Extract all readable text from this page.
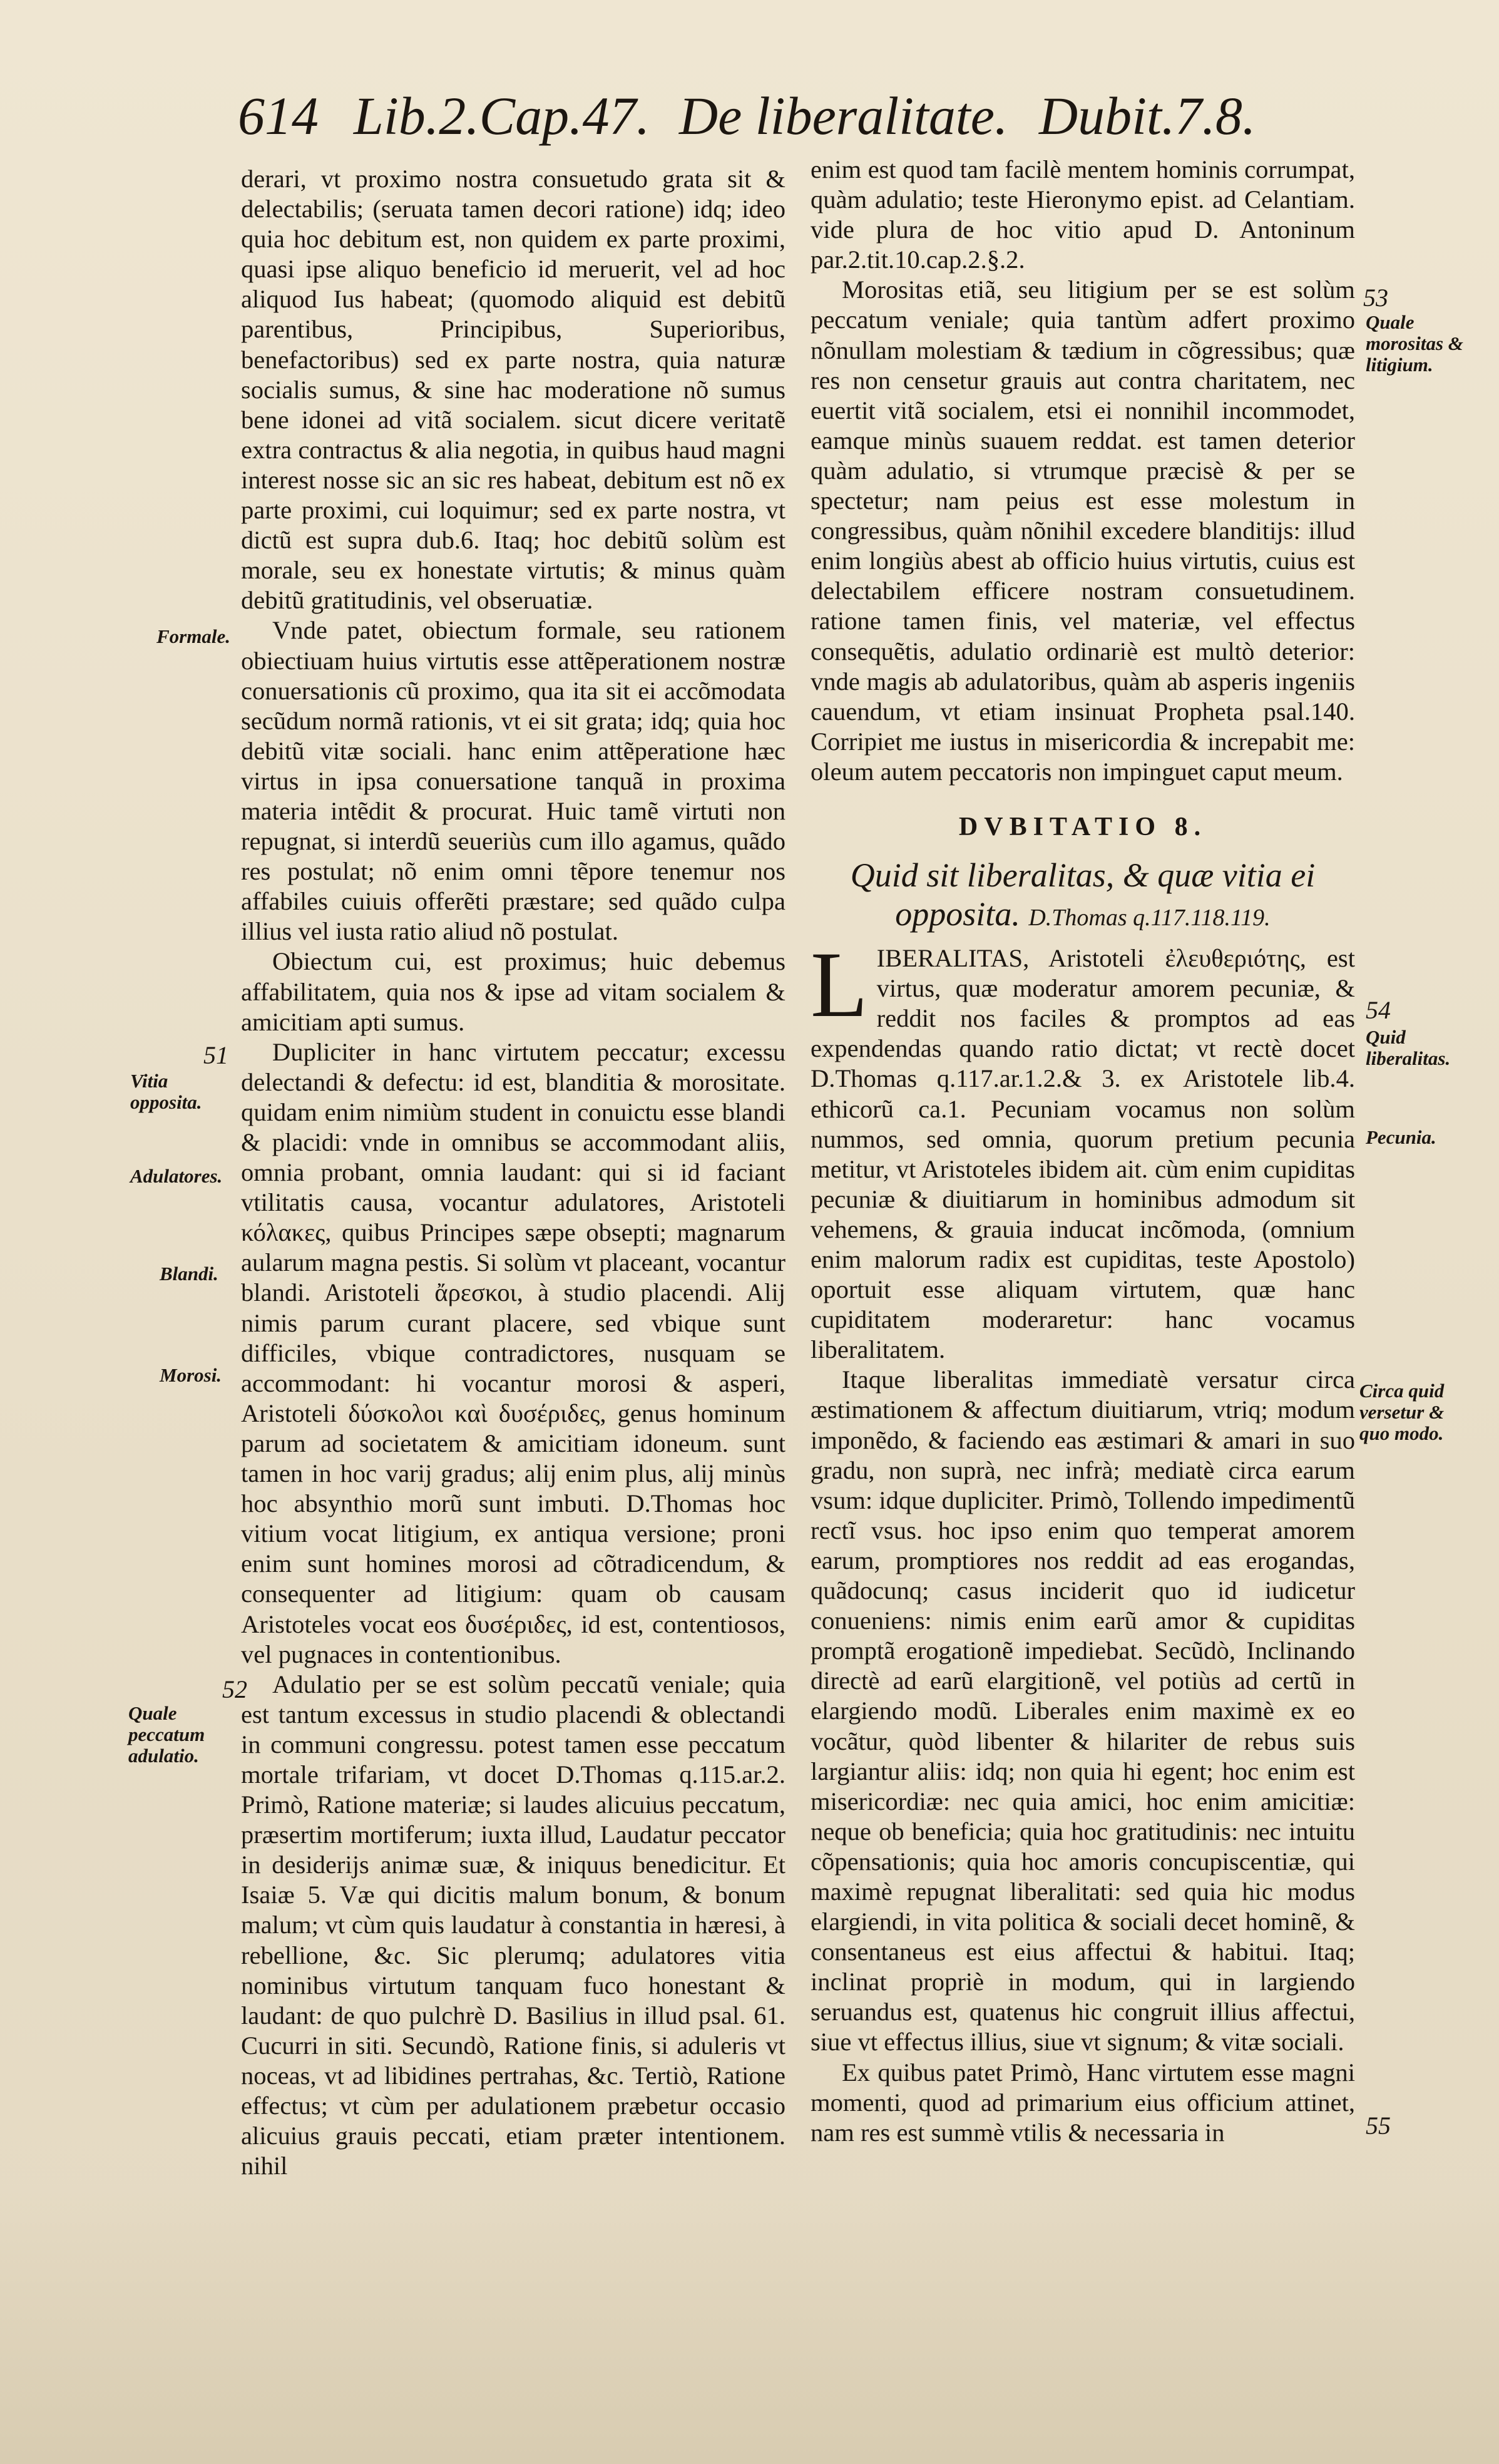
614 Lib.2.Cap.47. De liberalitate. Dubit.7.8.
Formale.
51
Vitia opposita.
Adulatores.
Blandi.
Morosi.
52
Quale peccatum adulatio.

derari, vt proximo nostra consuetudo grata sit & delectabilis; (seruata tamen decori ratione) idq; ideo quia hoc debitum est, non quidem ex parte proximi, quasi ipse aliquo beneficio id meruerit, vel ad hoc aliquod Ius habeat; (quomodo aliquid est debitũ parentibus, Principibus, Superioribus, benefactoribus) sed ex parte nostra, quia naturæ socialis sumus, & sine hac moderatione nõ sumus bene idonei ad vitã socialem. sicut dicere veritatẽ extra contractus & alia negotia, in quibus haud magni interest nosse sic an sic res habeat, debitum est nõ ex parte proximi, cui loquimur; sed ex parte nostra, vt dictũ est supra dub.6. Itaq; hoc debitũ solùm est morale, seu ex honestate virtutis; & minus quàm debitũ gratitudinis, vel obseruatiæ.

Vnde patet, obiectum formale, seu rationem obiectiuam huius virtutis esse attẽperationem nostræ conuersationis cũ proximo, qua ita sit ei accõmodata secũdum normã rationis, vt ei sit grata; idq; quia hoc debitũ vitæ sociali. hanc enim attẽperatione hæc virtus in ipsa conuersatione tanquã in proxima materia intẽdit & procurat. Huic tamẽ virtuti non repugnat, si interdũ seueriùs cum illo agamus, quãdo res postulat; nõ enim omni tẽpore tenemur nos affabiles cuiuis offerẽti præstare; sed quãdo culpa illius vel iusta ratio aliud nõ postulat.

Obiectum cui, est proximus; huic debemus affabilitatem, quia nos & ipse ad vitam socialem & amicitiam apti sumus.

Dupliciter in hanc virtutem peccatur; excessu delectandi & defectu: id est, blanditia & morositate. quidam enim nimiùm student in conuictu esse blandi & placidi: vnde in omnibus se accommodant aliis, omnia probant, omnia laudant: qui si id faciant vtilitatis causa, vocantur adulatores, Aristoteli κόλακες, quibus Principes sæpe obsepti; magnarum aularum magna pestis. Si solùm vt placeant, vocantur blandi. Aristoteli ἄρεσκοι, à studio placendi. Alij nimis parum curant placere, sed vbique sunt difficiles, vbique contradictores, nusquam se accommodant: hi vocantur morosi & asperi, Aristoteli δύσκολοι καὶ δυσέριδες, genus hominum parum ad societatem & amicitiam idoneum. sunt tamen in hoc varij gradus; alij enim plus, alij minùs hoc absynthio morũ sunt imbuti. D.Thomas hoc vitium vocat litigium, ex antiqua versione; proni enim sunt homines morosi ad cõtradicendum, & consequenter ad litigium: quam ob causam Aristoteles vocat eos δυσέριδες, id est, contentiosos, vel pugnaces in contentionibus.

Adulatio per se est solùm peccatũ veniale; quia est tantum excessus in studio placendi & oblectandi in communi congressu. potest tamen esse peccatum mortale trifariam, vt docet D.Thomas q.115.ar.2. Primò, Ratione materiæ; si laudes alicuius peccatum, præsertim mortiferum; iuxta illud, Laudatur peccator in desiderijs animæ suæ, & iniquus benedicitur. Et Isaiæ 5. Væ qui dicitis malum bonum, & bonum malum; vt cùm quis laudatur à constantia in hæresi, à rebellione, &c. Sic plerumq; adulatores vitia nominibus virtutum tanquam fuco honestant & laudant: de quo pulchrè D. Basilius in illud psal. 61. Cucurri in siti. Secundò, Ratione finis, si aduleris vt noceas, vt ad libidines pertrahas, &c. Tertiò, Ratione effectus; vt cùm per adulationem præbetur occasio alicuius grauis peccati, etiam præter intentionem. nihil

enim est quod tam facilè mentem hominis corrumpat, quàm adulatio; teste Hieronymo epist. ad Celantiam. vide plura de hoc vitio apud D. Antoninum par.2.tit.10.cap.2.§.2.

Morositas etiã, seu litigium per se est solùm peccatum veniale; quia tantùm adfert proximo nõnullam molestiam & tædium in cõgressibus; quæ res non censetur grauis aut contra charitatem, nec euertit vitã socialem, etsi ei nonnihil incommodet, eamque minùs suauem reddat. est tamen deterior quàm adulatio, si vtrumque præcisè & per se spectetur; nam peius est esse molestum in congressibus, quàm nõnihil excedere blanditijs: illud enim longiùs abest ab officio huius virtutis, cuius est delectabilem efficere nostram consuetudinem. ratione tamen finis, vel materiæ, vel effectus consequẽtis, adulatio ordinariè est multò deterior: vnde magis ab adulatoribus, quàm ab asperis ingeniis cauendum, vt etiam insinuat Propheta psal.140. Corripiet me iustus in misericordia & increpabit me: oleum autem peccatoris non impinguet caput meum.

DVBITATIO 8.
Quid sit liberalitas, & quæ vitia ei opposita. D.Thomas q.117.118.119.

LIBERALITAS, Aristoteli ἐλευθεριότης, est virtus, quæ moderatur amorem pecuniæ, & reddit nos faciles & promptos ad eas expendendas quando ratio dictat; vt rectè docet D.Thomas q.117.ar.1.2.& 3. ex Aristotele lib.4. ethicorũ ca.1. Pecuniam vocamus non solùm nummos, sed omnia, quorum pretium pecunia metitur, vt Aristoteles ibidem ait. cùm enim cupiditas pecuniæ & diuitiarum in hominibus admodum sit vehemens, & grauia inducat incõmoda, (omnium enim malorum radix est cupiditas, teste Apostolo) oportuit esse aliquam virtutem, quæ hanc cupiditatem moderaretur: hanc vocamus liberalitatem.

Itaque liberalitas immediatè versatur circa æstimationem & affectum diuitiarum, vtriq; modum imponẽdo, & faciendo eas æstimari & amari in suo gradu, non suprà, nec infrà; mediatè circa earum vsum: idque dupliciter. Primò, Tollendo impedimentũ rectĩ vsus. hoc ipso enim quo temperat amorem earum, promptiores nos reddit ad eas erogandas, quãdocunq; casus inciderit quo id iudicetur conueniens: nimis enim earũ amor & cupiditas promptã erogationẽ impediebat. Secũdò, Inclinando directè ad earũ elargitionẽ, vel potiùs ad certũ in elargiendo modũ. Liberales enim maximè ex eo vocãtur, quòd libenter & hilariter de rebus suis largiantur aliis: idq; non quia hi egent; hoc enim est misericordiæ: nec quia amici, hoc enim amicitiæ: neque ob beneficia; quia hoc gratitudinis: nec intuitu cõpensationis; quia hoc amoris concupiscentiæ, qui maximè repugnat liberalitati: sed quia hic modus elargiendi, in vita politica & sociali decet hominẽ, & consentaneus est eius affectui & habitui. Itaq; inclinat propriè in modum, qui in largiendo seruandus est, quatenus hic congruit illius affectui, siue vt effectus illius, siue vt signum; & vitæ sociali.

Ex quibus patet Primò, Hanc virtutem esse magni momenti, quod ad primarium eius officium attinet, nam res est summè vtilis & necessaria in

53
Quale morositas & litigium.
54
Quid liberalitas.
Pecunia.
Circa quid versetur & quo modo.
55
